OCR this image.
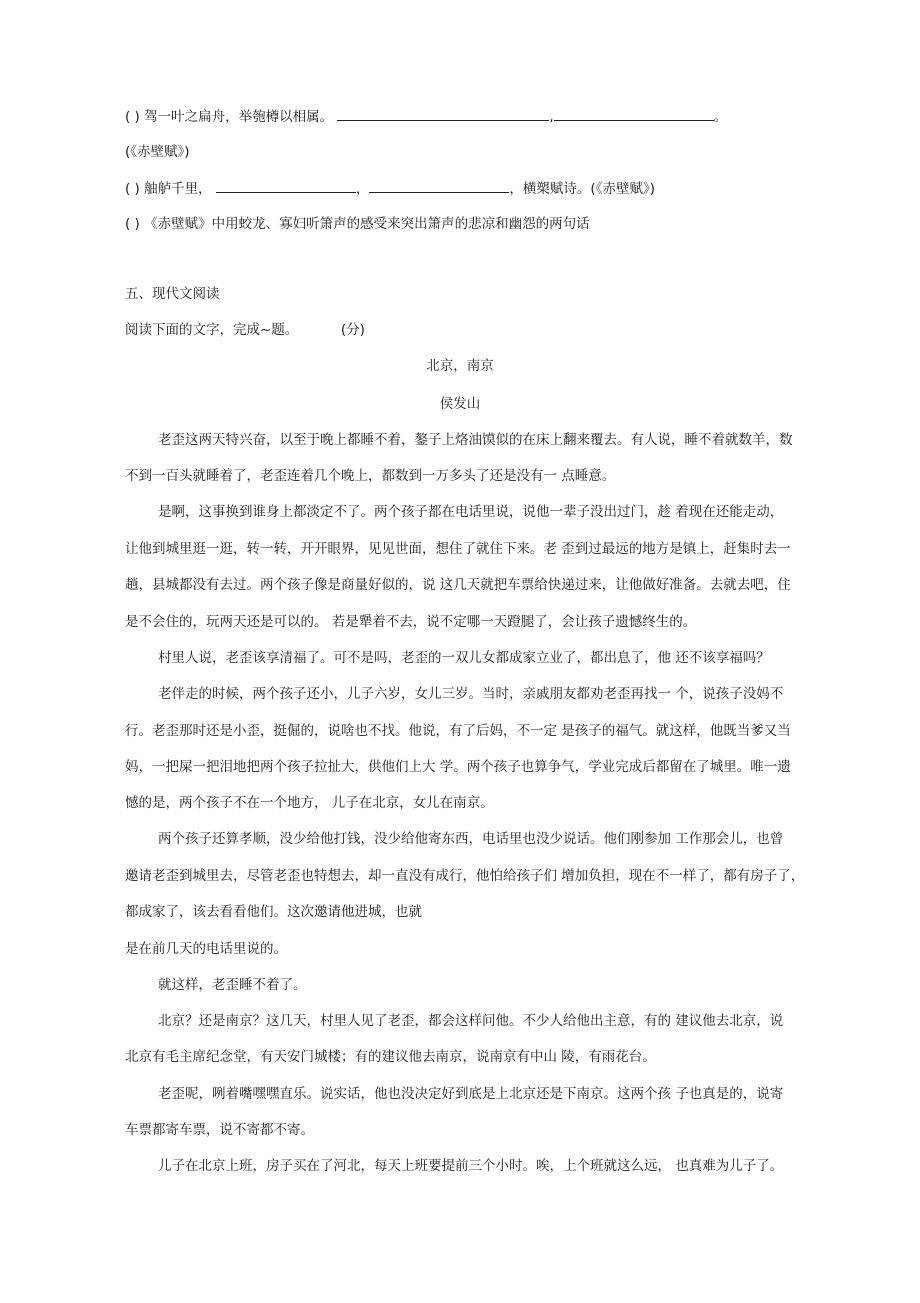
( ) 驾一叶之扁舟，举匏樽以相属。	,	。
(《赤壁赋》)
( ) 舳舻千里，	，	，横槊赋诗。(《赤壁赋》)
( ) 《赤壁赋》中用蛟龙、寡妇听箫声的感受来突出箫声的悲凉和幽怨的两句话
五、现代文阅读
阅读下面的文字，完成~题。	(分)
北京，南京
侯发山
老歪这两天特兴奋，以至于晚上都睡不着，鏊子上烙油馍似的在床上翻来覆去。有人说，睡不着就数羊，数
不到一百头就睡着了，老歪连着几个晚上，都数到一万多头了还是没有一 点睡意。
是啊，这事换到谁身上都淡定不了。两个孩子都在电话里说，说他一辈子没出过门，趁 着现在还能走动，
让他到城里逛一逛，转一转，开开眼界，见见世面，想住了就住下来。老 歪到过最远的地方是镇上，赶集时去一
趟，县城都没有去过。两个孩子像是商量好似的，说 这几天就把车票给快递过来，让他做好准备。去就去吧，住
是不会住的，玩两天还是可以的。 若是犟着不去，说不定哪一天蹬腿了，会让孩子遗憾终生的。
村里人说，老歪该享清福了。可不是吗，老歪的一双儿女都成家立业了，都出息了，他 还不该享福吗？
老伴走的时候，两个孩子还小，儿子六岁，女儿三岁。当时，亲戚朋友都劝老歪再找一 个，说孩子没妈不
行。老歪那时还是小歪，挺倔的，说啥也不找。他说，有了后妈，不一定 是孩子的福气。就这样，他既当爹又当
妈，一把屎一把泪地把两个孩子拉扯大，供他们上大 学。两个孩子也算争气，学业完成后都留在了城里。唯一遗
憾的是，两个孩子不在一个地方， 儿子在北京，女儿在南京。
两个孩子还算孝顺，没少给他打钱，没少给他寄东西，电话里也没少说话。他们刚参加 工作那会儿，也曾
邀请老歪到城里去，尽管老歪也特想去，却一直没有成行，他怕给孩子们 增加负担，现在不一样了，都有房子了，
都成家了，该去看看他们。这次邀请他进城，也就
是在前几天的电话里说的。
就这样，老歪睡不着了。
北京？还是南京？这几天，村里人见了老歪，都会这样问他。不少人给他出主意，有的 建议他去北京，说
北京有毛主席纪念堂，有天安门城楼；有的建议他去南京，说南京有中山 陵，有雨花台。
老歪呢，咧着嘴嘿嘿直乐。说实话，他也没决定好到底是上北京还是下南京。这两个孩 子也真是的，说寄
车票都寄车票，说不寄都不寄。
儿子在北京上班，房子买在了河北，每天上班要提前三个小时。唉，上个班就这么远， 也真难为儿子了。
